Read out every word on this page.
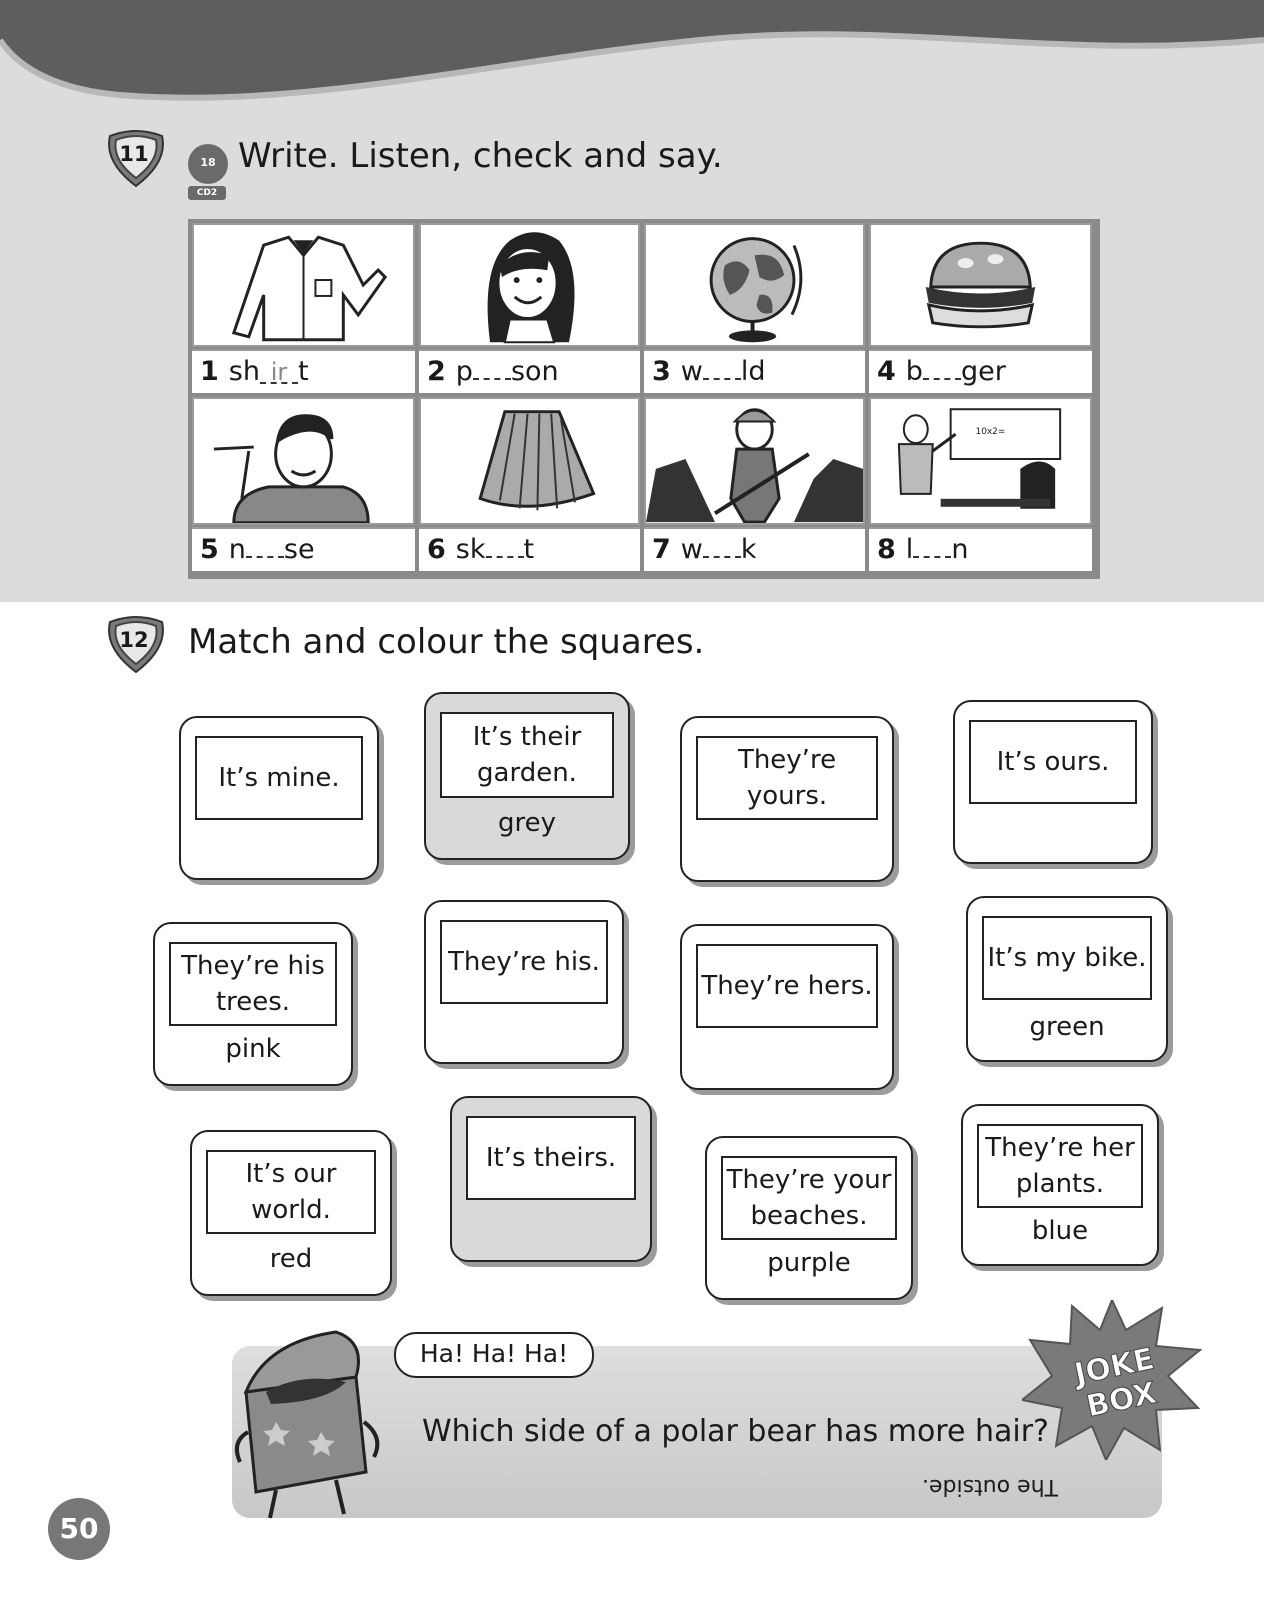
11	18
CD2
Write. Listen, check and say.
1 sh ir t	2 p son	3 w ld	4 b ger
10x2=
5 n se	6 sk t	7 w k	8 l n
12	Match and colour the squares.
It’s mine.
It’s their garden.
grey
They’re yours.
It’s ours.
They’re his trees.
pink
They’re his.
They’re hers.
It’s my bike.
green
It’s our world.
red
It’s theirs.
They’re your beaches.
purple
They’re her plants.
blue
Ha! Ha! Ha!
Which side of a polar bear has more hair?
The outside.
JOKE BOX
50
